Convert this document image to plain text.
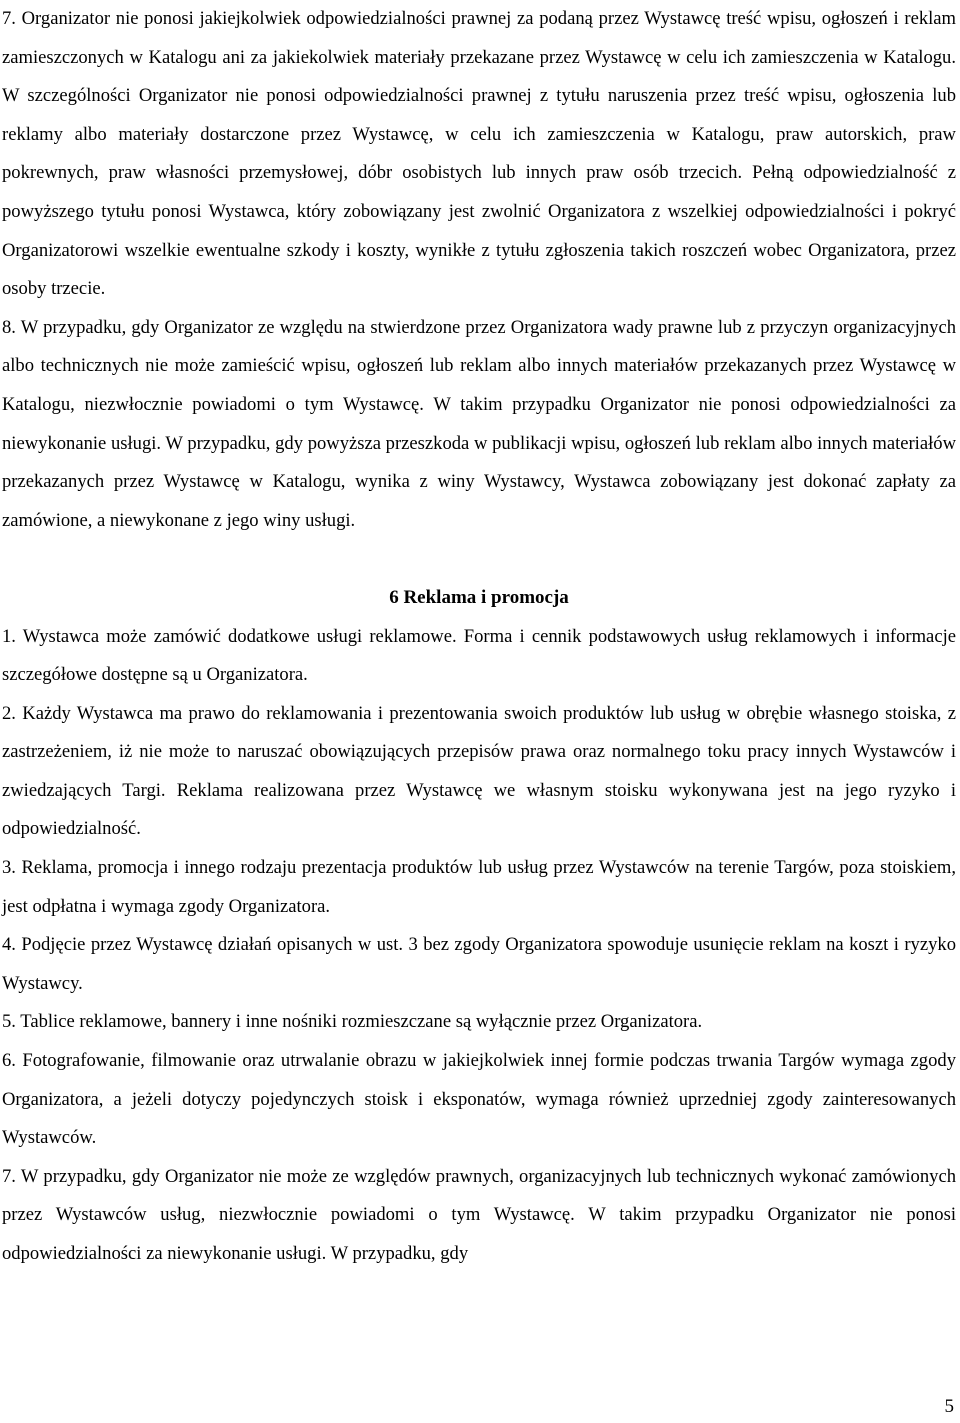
7. Organizator nie ponosi jakiejkolwiek odpowiedzialności prawnej za podaną przez Wystawcę treść wpisu, ogłoszeń i reklam zamieszczonych w Katalogu ani za jakiekolwiek materiały przekazane przez Wystawcę w celu ich zamieszczenia w Katalogu. W szczególności Organizator nie ponosi odpowiedzialności prawnej z tytułu naruszenia przez treść wpisu, ogłoszenia lub reklamy albo materiały dostarczone przez Wystawcę, w celu ich zamieszczenia w Katalogu, praw autorskich, praw pokrewnych, praw własności przemysłowej, dóbr osobistych lub innych praw osób trzecich. Pełną odpowiedzialność z powyższego tytułu ponosi Wystawca, który zobowiązany jest zwolnić Organizatora z wszelkiej odpowiedzialności i pokryć Organizatorowi wszelkie ewentualne szkody i koszty, wynikłe z tytułu zgłoszenia takich roszczeń wobec Organizatora, przez osoby trzecie.

8. W przypadku, gdy Organizator ze względu na stwierdzone przez Organizatora wady prawne lub z przyczyn organizacyjnych albo technicznych nie może zamieścić wpisu, ogłoszeń lub reklam albo innych materiałów przekazanych przez Wystawcę w Katalogu, niezwłocznie powiadomi o tym Wystawcę. W takim przypadku Organizator nie ponosi odpowiedzialności za niewykonanie usługi. W przypadku, gdy powyższa przeszkoda w publikacji wpisu, ogłoszeń lub reklam albo innych materiałów przekazanych przez Wystawcę w Katalogu, wynika z winy Wystawcy, Wystawca zobowiązany jest dokonać zapłaty za zamówione, a niewykonane z jego winy usługi.

6 Reklama i promocja

1. Wystawca może zamówić dodatkowe usługi reklamowe. Forma i cennik podstawowych usług reklamowych i informacje szczegółowe dostępne są u Organizatora.

2. Każdy Wystawca ma prawo do reklamowania i prezentowania swoich produktów lub usług w obrębie własnego stoiska, z zastrzeżeniem, iż nie może to naruszać obowiązujących przepisów prawa oraz normalnego toku pracy innych Wystawców i zwiedzających Targi. Reklama realizowana przez Wystawcę we własnym stoisku wykonywana jest na jego ryzyko i odpowiedzialność.

3. Reklama, promocja i innego rodzaju prezentacja produktów lub usług przez Wystawców na terenie Targów, poza stoiskiem, jest odpłatna i wymaga zgody Organizatora.

4. Podjęcie przez Wystawcę działań opisanych w ust. 3 bez zgody Organizatora spowoduje usunięcie reklam na koszt i ryzyko Wystawcy.

5. Tablice reklamowe, bannery i inne nośniki rozmieszczane są wyłącznie przez Organizatora.

6. Fotografowanie, filmowanie oraz utrwalanie obrazu w jakiejkolwiek innej formie podczas trwania Targów wymaga zgody Organizatora, a jeżeli dotyczy pojedynczych stoisk i eksponatów, wymaga również uprzedniej zgody zainteresowanych Wystawców.

7. W przypadku, gdy Organizator nie może ze względów prawnych, organizacyjnych lub technicznych wykonać zamówionych przez Wystawców usług, niezwłocznie powiadomi o tym Wystawcę. W takim przypadku Organizator nie ponosi odpowiedzialności za niewykonanie usługi. W przypadku, gdy

5
